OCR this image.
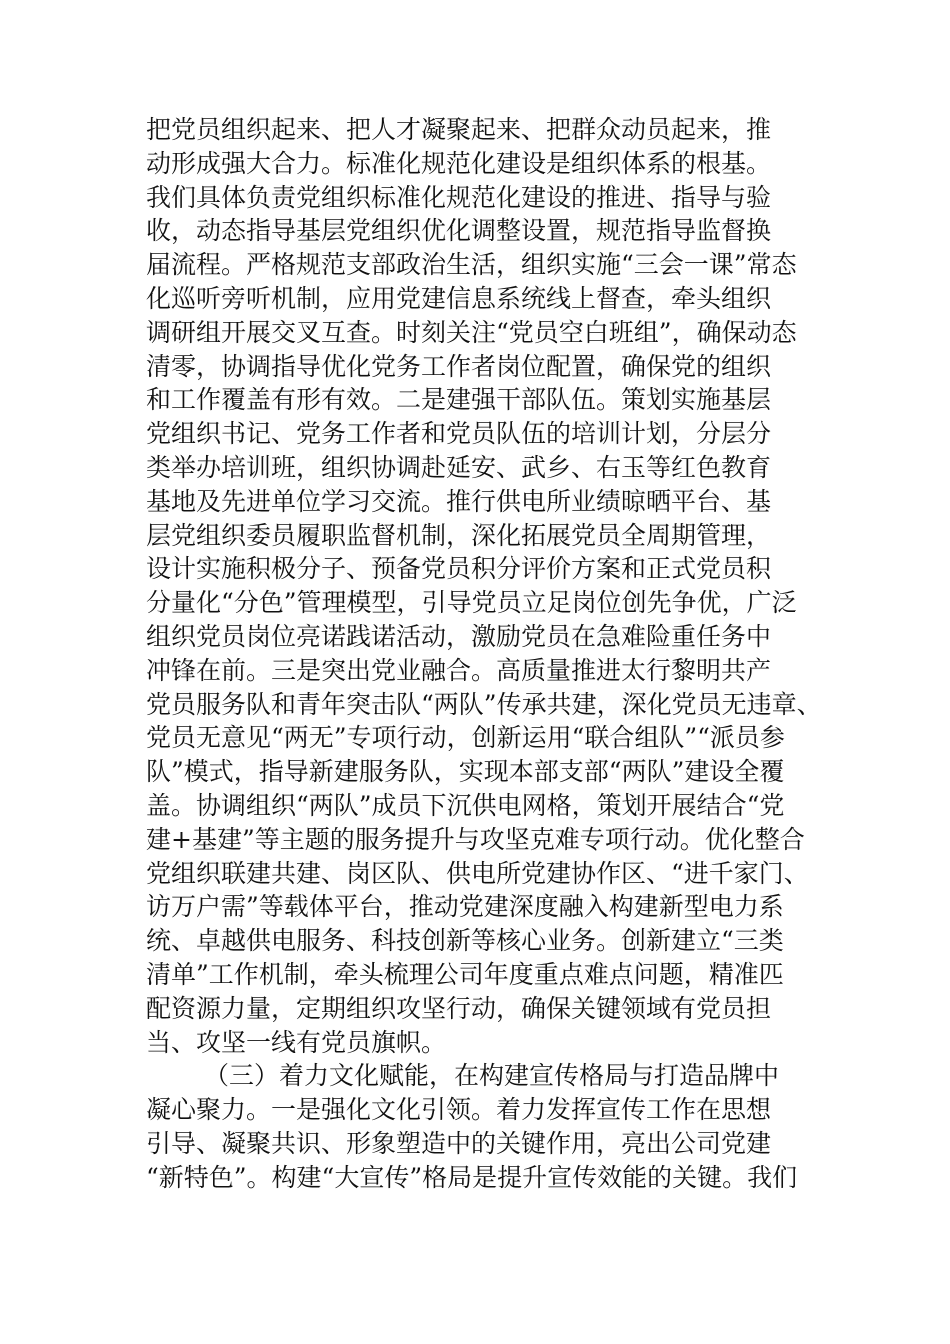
把党员组织起来、把人才凝聚起来、把群众动员起来，推
动形成强大合力。标准化规范化建设是组织体系的根基。
我们具体负责党组织标准化规范化建设的推进、指导与验
收，动态指导基层党组织优化调整设置，规范指导监督换
届流程。严格规范支部政治生活，组织实施“三会一课”常态
化巡听旁听机制，应用党建信息系统线上督查，牵头组织
调研组开展交叉互查。时刻关注“党员空白班组”，确保动态
清零，协调指导优化党务工作者岗位配置，确保党的组织
和工作覆盖有形有效。二是建强干部队伍。策划实施基层
党组织书记、党务工作者和党员队伍的培训计划，分层分
类举办培训班，组织协调赴延安、武乡、右玉等红色教育
基地及先进单位学习交流。推行供电所业绩晾晒平台、基
层党组织委员履职监督机制，深化拓展党员全周期管理，
设计实施积极分子、预备党员积分评价方案和正式党员积
分量化“分色”管理模型，引导党员立足岗位创先争优，广泛
组织党员岗位亮诺践诺活动，激励党员在急难险重任务中
冲锋在前。三是突出党业融合。高质量推进太行黎明共产
党员服务队和青年突击队“两队”传承共建，深化党员无违章、
党员无意见“两无”专项行动，创新运用“联合组队”“派员参
队”模式，指导新建服务队，实现本部支部“两队”建设全覆
盖。协调组织“两队”成员下沉供电网格，策划开展结合“党
建+基建”等主题的服务提升与攻坚克难专项行动。优化整合
党组织联建共建、岗区队、供电所党建协作区、“进千家门、
访万户需”等载体平台，推动党建深度融入构建新型电力系
统、卓越供电服务、科技创新等核心业务。创新建立“三类
清单”工作机制，牵头梳理公司年度重点难点问题，精准匹
配资源力量，定期组织攻坚行动，确保关键领域有党员担
当、攻坚一线有党员旗帜。
（三）着力文化赋能，在构建宣传格局与打造品牌中
凝心聚力。一是强化文化引领。着力发挥宣传工作在思想
引导、凝聚共识、形象塑造中的关键作用，亮出公司党建
“新特色”。构建“大宣传”格局是提升宣传效能的关键。我们
